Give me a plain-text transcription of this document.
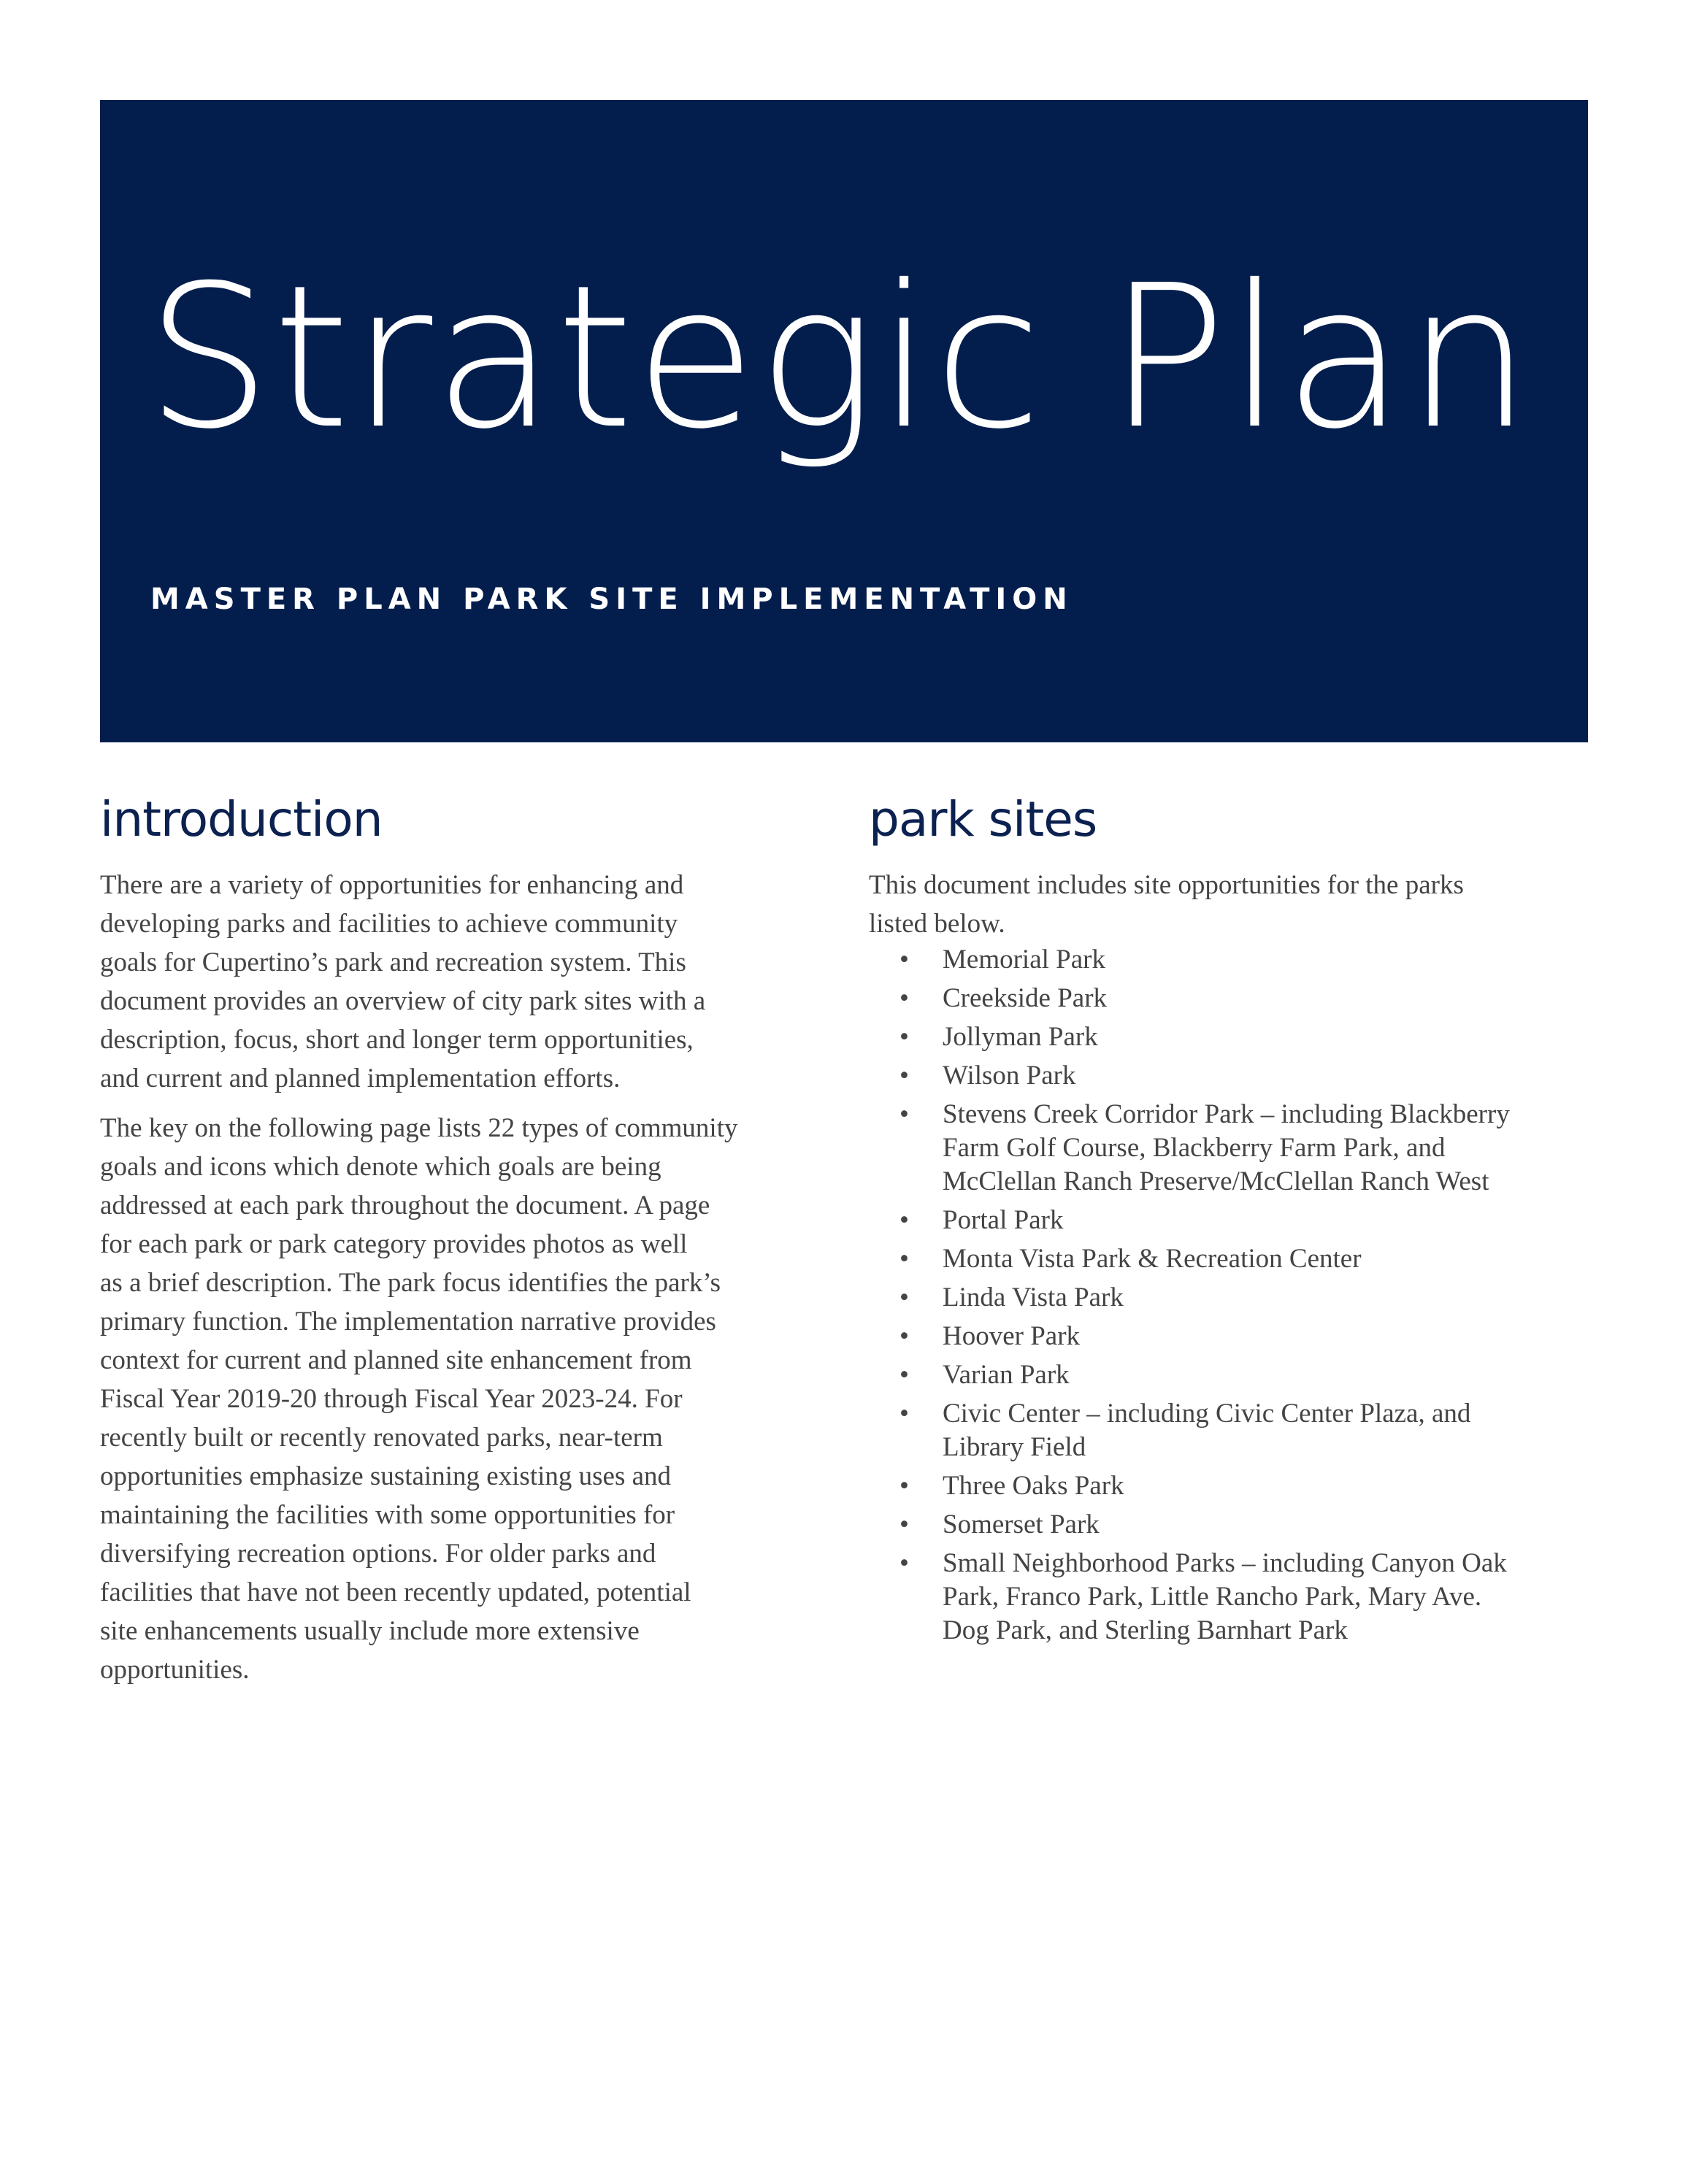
Strategic Plan
MASTER PLAN PARK SITE IMPLEMENTATION
introduction
There are a variety of opportunities for enhancing and
developing parks and facilities to achieve community
goals for Cupertino’s park and recreation system. This
document provides an overview of city park sites with a
description, focus, short and longer term opportunities,
and current and planned implementation efforts.
The key on the following page lists 22 types of community
goals and icons which denote which goals are being
addressed at each park throughout the document. A page
for each park or park category provides photos as well
as a brief description. The park focus identifies the park’s
primary function. The implementation narrative provides
context for current and planned site enhancement from
Fiscal Year 2019-20 through Fiscal Year 2023-24. For
recently built or recently renovated parks, near-term
opportunities emphasize sustaining existing uses and
maintaining the facilities with some opportunities for
diversifying recreation options. For older parks and
facilities that have not been recently updated, potential
site enhancements usually include more extensive
opportunities.
park sites
This document includes site opportunities for the parks
listed below.
• Memorial Park
• Creekside Park
• Jollyman Park
• Wilson Park
• Stevens Creek Corridor Park – including Blackberry
Farm Golf Course, Blackberry Farm Park, and
McClellan Ranch Preserve/McClellan Ranch West
• Portal Park
• Monta Vista Park & Recreation Center
• Linda Vista Park
• Hoover Park
• Varian Park
• Civic Center – including Civic Center Plaza, and
Library Field
• Three Oaks Park
• Somerset Park
• Small Neighborhood Parks – including Canyon Oak
Park, Franco Park, Little Rancho Park, Mary Ave.
Dog Park, and Sterling Barnhart Park
